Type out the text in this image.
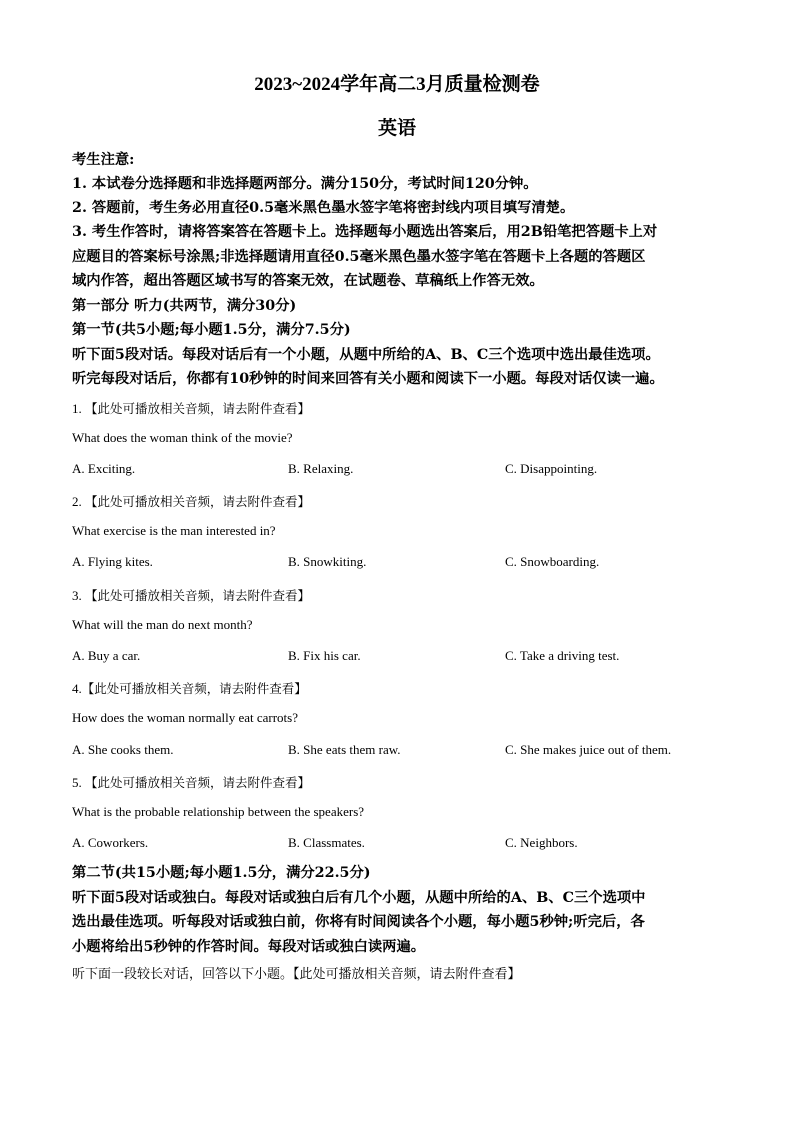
2023~2024学年高二3月质量检测卷
英语
考生注意:
1. 本试卷分选择题和非选择题两部分。满分150分，考试时间120分钟。
2. 答题前，考生务必用直径0.5毫米黑色墨水签字笔将密封线内项目填写清楚。
3. 考生作答时，请将答案答在答题卡上。选择题每小题选出答案后，用2B铅笔把答题卡上对
应题目的答案标号涂黑;非选择题请用直径0.5毫米黑色墨水签字笔在答题卡上各题的答题区
域内作答，超出答题区域书写的答案无效，在试题卷、草稿纸上作答无效。
第一部分 听力(共两节，满分30分)
第一节(共5小题;每小题1.5分，满分7.5分)
听下面5段对话。每段对话后有一个小题，从题中所给的A、B、C三个选项中选出最佳选项。
听完每段对话后，你都有10秒钟的时间来回答有关小题和阅读下一小题。每段对话仅读一遍。
1. 【此处可播放相关音频，请去附件查看】
What does the woman think of the movie?
A. Exciting.	B. Relaxing.	C. Disappointing.
2. 【此处可播放相关音频，请去附件查看】
What exercise is the man interested in?
A. Flying kites.	B. Snowkiting.	C. Snowboarding.
3. 【此处可播放相关音频，请去附件查看】
What will the man do next month?
A. Buy a car.	B. Fix his car.	C. Take a driving test.
4.【此处可播放相关音频，请去附件查看】
How does the woman normally eat carrots?
A. She cooks them.	B. She eats them raw.	C. She makes juice out of them.
5. 【此处可播放相关音频，请去附件查看】
What is the probable relationship between the speakers?
A. Coworkers.	B. Classmates.	C. Neighbors.
第二节(共15小题;每小题1.5分，满分22.5分)
听下面5段对话或独白。每段对话或独白后有几个小题，从题中所给的A、B、C三个选项中
选出最佳选项。听每段对话或独白前，你将有时间阅读各个小题，每小题5秒钟;听完后，各
小题将给出5秒钟的作答时间。每段对话或独白读两遍。
听下面一段较长对话，回答以下小题。【此处可播放相关音频，请去附件查看】
